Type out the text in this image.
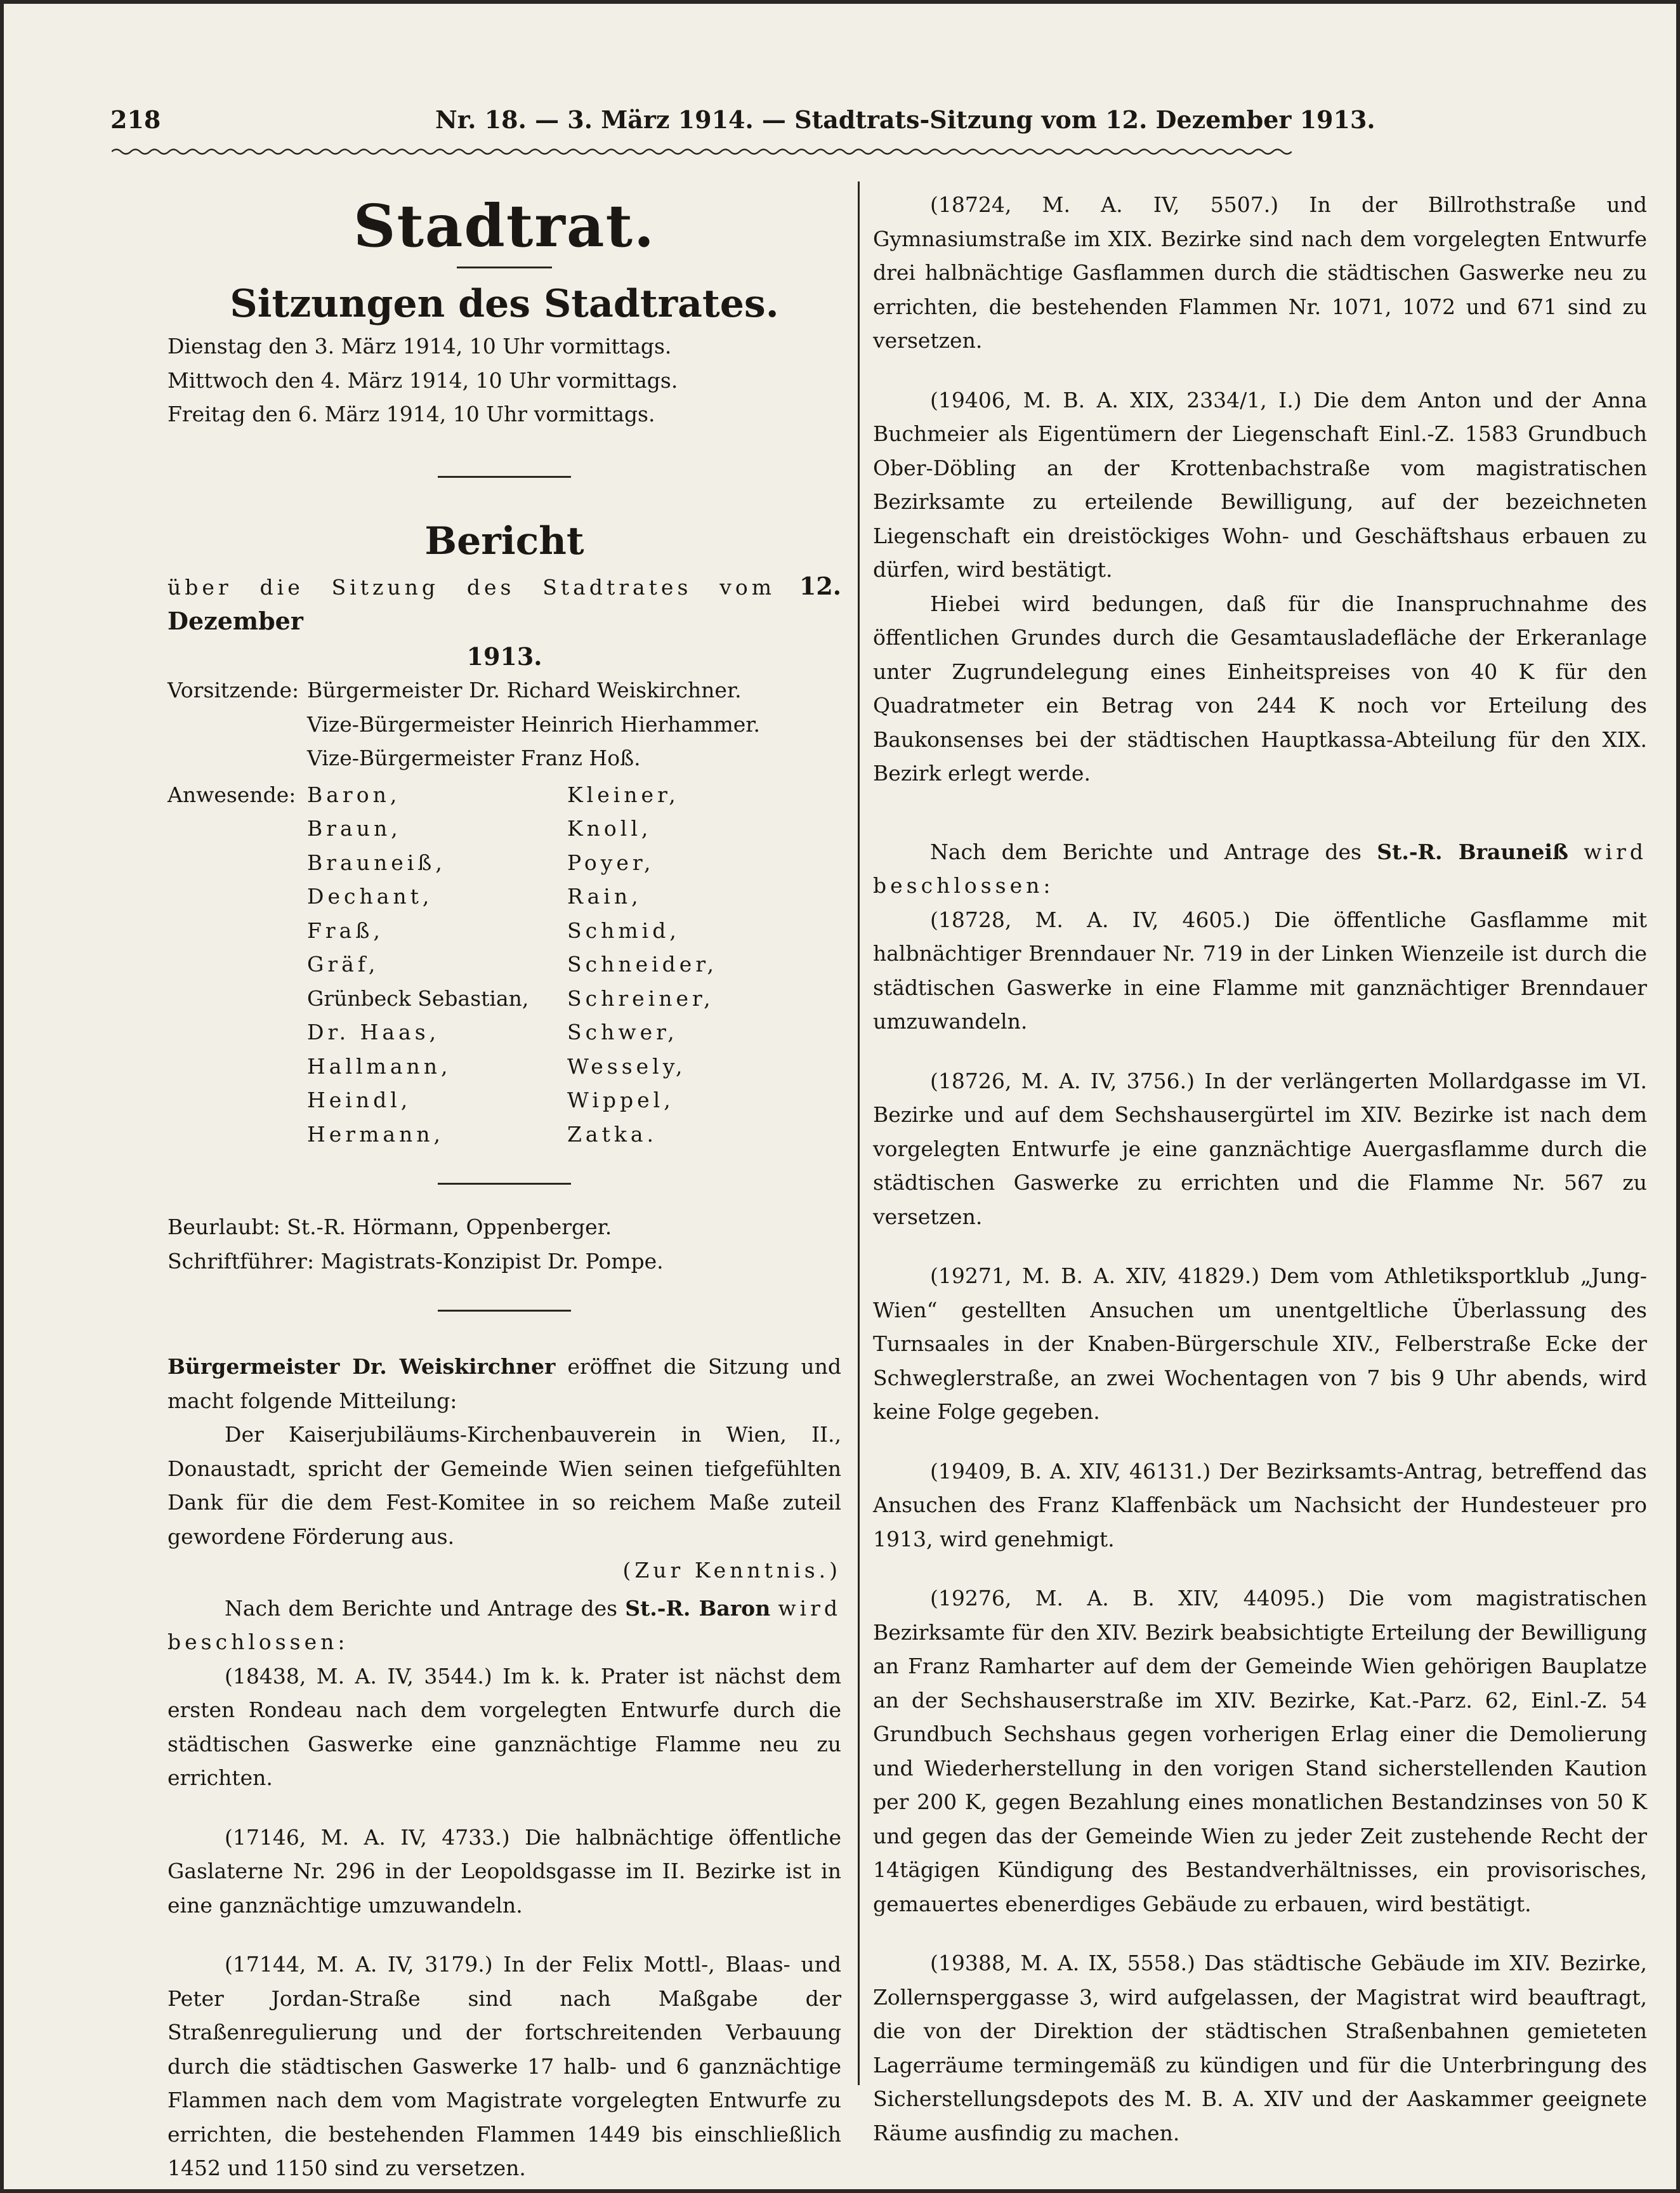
218	Nr. 18. — 3. März 1914. — Stadtrats-Sitzung vom 12. Dezember 1913.

Stadtrat.

Sitzungen des Stadtrates.

Dienstag den 3. März 1914, 10 Uhr vormittags.

Mittwoch den 4. März 1914, 10 Uhr vormittags.

Freitag den 6. März 1914, 10 Uhr vormittags.

Bericht

über die Sitzung des Stadtrates vom 12. Dezember

1913.

Vorsitzende:	Bürgermeister Dr. Richard Weiskirchner.
	Vize-Bürgermeister Heinrich Hierhammer.
	Vize-Bürgermeister Franz Hoß.
Anwesende:	Baron,	Kleiner,
	Braun,	Knoll,
	Brauneiß,	Poyer,
	Dechant,	Rain,
	Fraß,	Schmid,
	Gräf,	Schneider,
	Grünbeck Sebastian,	Schreiner,
	Dr. Haas,	Schwer,
	Hallmann,	Wessely,
	Heindl,	Wippel,
	Hermann,	Zatka.

Beurlaubt: St.-R. Hörmann, Oppenberger.

Schriftführer: Magistrats-Konzipist Dr. Pompe.

Bürgermeister Dr. Weiskirchner eröffnet die Sitzung und macht folgende Mitteilung:

Der Kaiserjubiläums-Kirchenbauverein in Wien, II., Donaustadt, spricht der Gemeinde Wien seinen tiefgefühlten Dank für die dem Fest-Komitee in so reichem Maße zuteil gewordene Förderung aus.

(Zur Kenntnis.)

Nach dem Berichte und Antrage des St.-R. Baron wird beschlossen:

(18438, M. A. IV, 3544.) Im k. k. Prater ist nächst dem ersten Rondeau nach dem vorgelegten Entwurfe durch die städtischen Gaswerke eine ganznächtige Flamme neu zu errichten.

(17146, M. A. IV, 4733.) Die halbnächtige öffentliche Gaslaterne Nr. 296 in der Leopoldsgasse im II. Bezirke ist in eine ganznächtige umzuwandeln.

(17144, M. A. IV, 3179.) In der Felix Mottl-, Blaas- und Peter Jordan-Straße sind nach Maßgabe der Straßenregulierung und der fortschreitenden Verbauung durch die städtischen Gaswerke 17 halb- und 6 ganznächtige Flammen nach dem vom Magistrate vorgelegten Entwurfe zu errichten, die bestehenden Flammen 1449 bis einschließlich 1452 und 1150 sind zu versetzen.

(18724, M. A. IV, 5507.) In der Billrothstraße und Gymnasiumstraße im XIX. Bezirke sind nach dem vorgelegten Entwurfe drei halbnächtige Gasflammen durch die städtischen Gaswerke neu zu errichten, die bestehenden Flammen Nr. 1071, 1072 und 671 sind zu versetzen.

(19406, M. B. A. XIX, 2334/1, I.) Die dem Anton und der Anna Buchmeier als Eigentümern der Liegenschaft Einl.-Z. 1583 Grundbuch Ober-Döbling an der Krottenbachstraße vom magistratischen Bezirksamte zu erteilende Bewilligung, auf der bezeichneten Liegenschaft ein dreistöckiges Wohn- und Geschäftshaus erbauen zu dürfen, wird bestätigt.

Hiebei wird bedungen, daß für die Inanspruchnahme des öffentlichen Grundes durch die Gesamtausladefläche der Erkeranlage unter Zugrundelegung eines Einheitspreises von 40 K für den Quadratmeter ein Betrag von 244 K noch vor Erteilung des Baukonsenses bei der städtischen Hauptkassa-Abteilung für den XIX. Bezirk erlegt werde.

Nach dem Berichte und Antrage des St.-R. Brauneiß wird beschlossen:

(18728, M. A. IV, 4605.) Die öffentliche Gasflamme mit halbnächtiger Brenndauer Nr. 719 in der Linken Wienzeile ist durch die städtischen Gaswerke in eine Flamme mit ganznächtiger Brenndauer umzuwandeln.

(18726, M. A. IV, 3756.) In der verlängerten Mollardgasse im VI. Bezirke und auf dem Sechshausergürtel im XIV. Bezirke ist nach dem vorgelegten Entwurfe je eine ganznächtige Auergasflamme durch die städtischen Gaswerke zu errichten und die Flamme Nr. 567 zu versetzen.

(19271, M. B. A. XIV, 41829.) Dem vom Athletiksportklub „Jung-Wien“ gestellten Ansuchen um unentgeltliche Überlassung des Turnsaales in der Knaben-Bürgerschule XIV., Felberstraße Ecke der Schweglerstraße, an zwei Wochentagen von 7 bis 9 Uhr abends, wird keine Folge gegeben.

(19409, B. A. XIV, 46131.) Der Bezirksamts-Antrag, betreffend das Ansuchen des Franz Klaffenbäck um Nachsicht der Hundesteuer pro 1913, wird genehmigt.

(19276, M. A. B. XIV, 44095.) Die vom magistratischen Bezirksamte für den XIV. Bezirk beabsichtigte Erteilung der Bewilligung an Franz Ramharter auf dem der Gemeinde Wien gehörigen Bauplatze an der Sechshauserstraße im XIV. Bezirke, Kat.-Parz. 62, Einl.-Z. 54 Grundbuch Sechshaus gegen vorherigen Erlag einer die Demolierung und Wiederherstellung in den vorigen Stand sicherstellenden Kaution per 200 K, gegen Bezahlung eines monatlichen Bestandzinses von 50 K und gegen das der Gemeinde Wien zu jeder Zeit zustehende Recht der 14tägigen Kündigung des Bestandverhältnisses, ein provisorisches, gemauertes ebenerdiges Gebäude zu erbauen, wird bestätigt.

(19388, M. A. IX, 5558.) Das städtische Gebäude im XIV. Bezirke, Zollernsperggasse 3, wird aufgelassen, der Magistrat wird beauftragt, die von der Direktion der städtischen Straßenbahnen gemieteten Lagerräume termingemäß zu kündigen und für die Unterbringung des Sicherstellungsdepots des M. B. A. XIV und der Aaskammer geeignete Räume ausfindig zu machen.
